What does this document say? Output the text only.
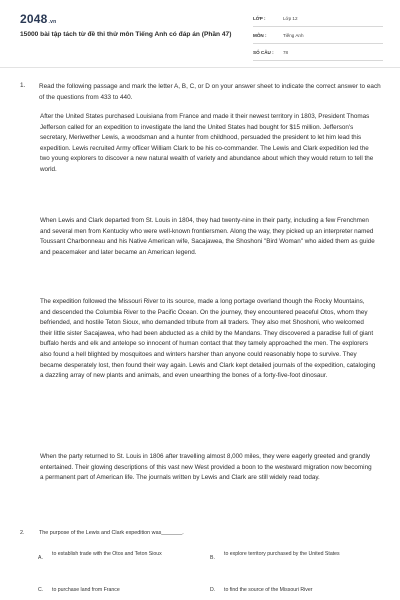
2048.vn
15000 bài tập tách từ đề thi thử môn Tiếng Anh có đáp án (Phần 47)
LỚP :	Lớp 12
MÔN :	Tiếng Anh
SỐ CÂU :	78
1. Read the following passage and mark the letter A, B, C, or D on your answer sheet to indicate the correct answer to each of the questions from 433 to 440.

After the United States purchased Louisiana from France and made it their newest territory in 1803, President Thomas Jefferson called for an expedition to investigate the land the United States had bought for $15 million. Jefferson's secretary, Meriwether Lewis, a woodsman and a hunter from childhood, persuaded the president to let him lead this expedition. Lewis recruited Army officer William Clark to be his co-commander. The Lewis and Clark expedition led the two young explorers to discover a new natural wealth of variety and abundance about which they would return to tell the world.

When Lewis and Clark departed from St. Louis in 1804, they had twenty-nine in their party, including a few Frenchmen and several men from Kentucky who were well-known frontiersmen. Along the way, they picked up an interpreter named Toussant Charbonneau and his Native American wife, Sacajawea, the Shoshoni "Bird Woman" who aided them as guide and peacemaker and later became an American legend.

The expedition followed the Missouri River to its source, made a long portage overland though the Rocky Mountains, and descended the Columbia River to the Pacific Ocean. On the journey, they encountered peaceful Otos, whom they befriended, and hostile Teton Sioux, who demanded tribute from all traders. They also met Shoshoni, who welcomed their little sister Sacajawea, who had been abducted as a child by the Mandans. They discovered a paradise full of giant buffalo herds and elk and antelope so innocent of human contact that they tamely approached the men. The explorers also found a hell blighted by mosquitoes and winters harsher than anyone could reasonably hope to survive. They became desperately lost, then found their way again. Lewis and Clark kept detailed journals of the expedition, cataloging a dazzling array of new plants and animals, and even unearthing the bones of a forty-five-foot dinosaur.

When the party returned to St. Louis in 1806 after travelling almost 8,000 miles, they were eagerly greeted and grandly entertained. Their glowing descriptions of this vast new West provided a boon to the westward migration now becoming a permanent part of American life. The journals written by Lewis and Clark are still widely read today.

2.	The purpose of the Lewis and Clark expedition was_______.
A.
to establish trade with the Otos and Teton Sioux
B.
to explore territory purchased by the United States
C. to purchase land from France	D. to find the source of the Missouri River
